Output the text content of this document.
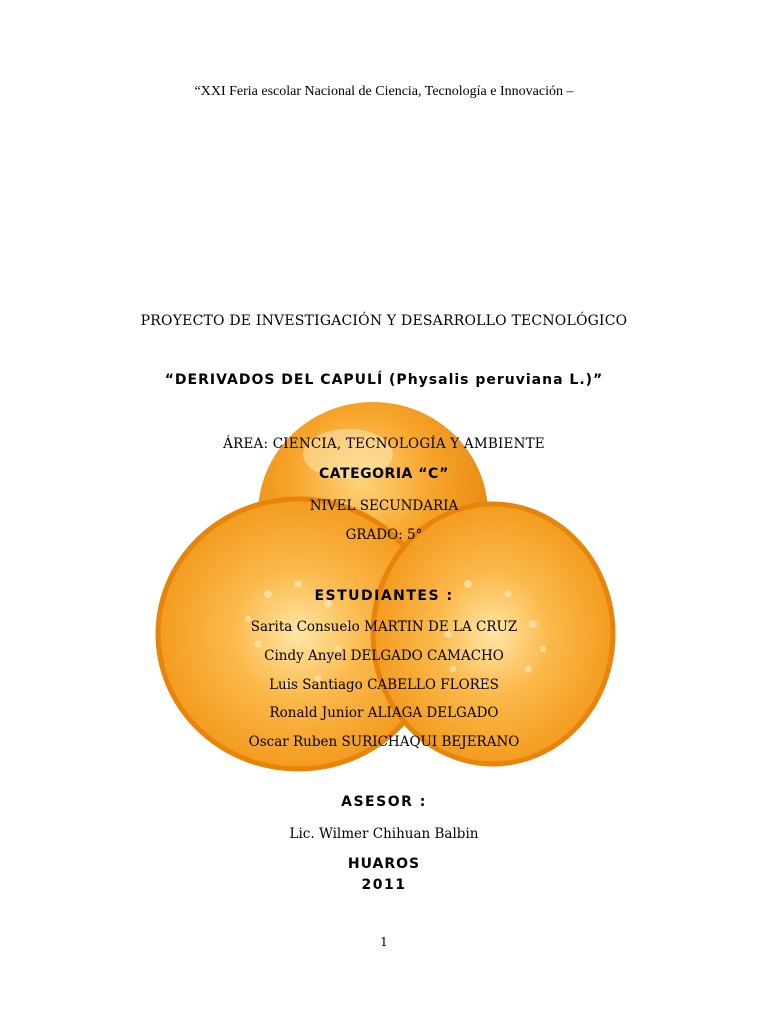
“XXI Feria escolar Nacional de Ciencia, Tecnología e Innovación –
PROYECTO DE INVESTIGACIÓN Y DESARROLLO TECNOLÓGICO
“DERIVADOS DEL CAPULÍ (Physalis peruviana L.)”
ÁREA: CIENCIA, TECNOLOGÍA Y AMBIENTE
CATEGORIA “C”
NIVEL SECUNDARIA
GRADO: 5°
ESTUDIANTES :
Sarita Consuelo MARTIN DE LA CRUZ
Cindy Anyel DELGADO CAMACHO
Luis Santiago CABELLO FLORES
Ronald Junior ALIAGA DELGADO
Oscar Ruben SURICHAQUI BEJERANO
ASESOR :
Lic. Wilmer Chihuan Balbin
HUAROS
2011
1
